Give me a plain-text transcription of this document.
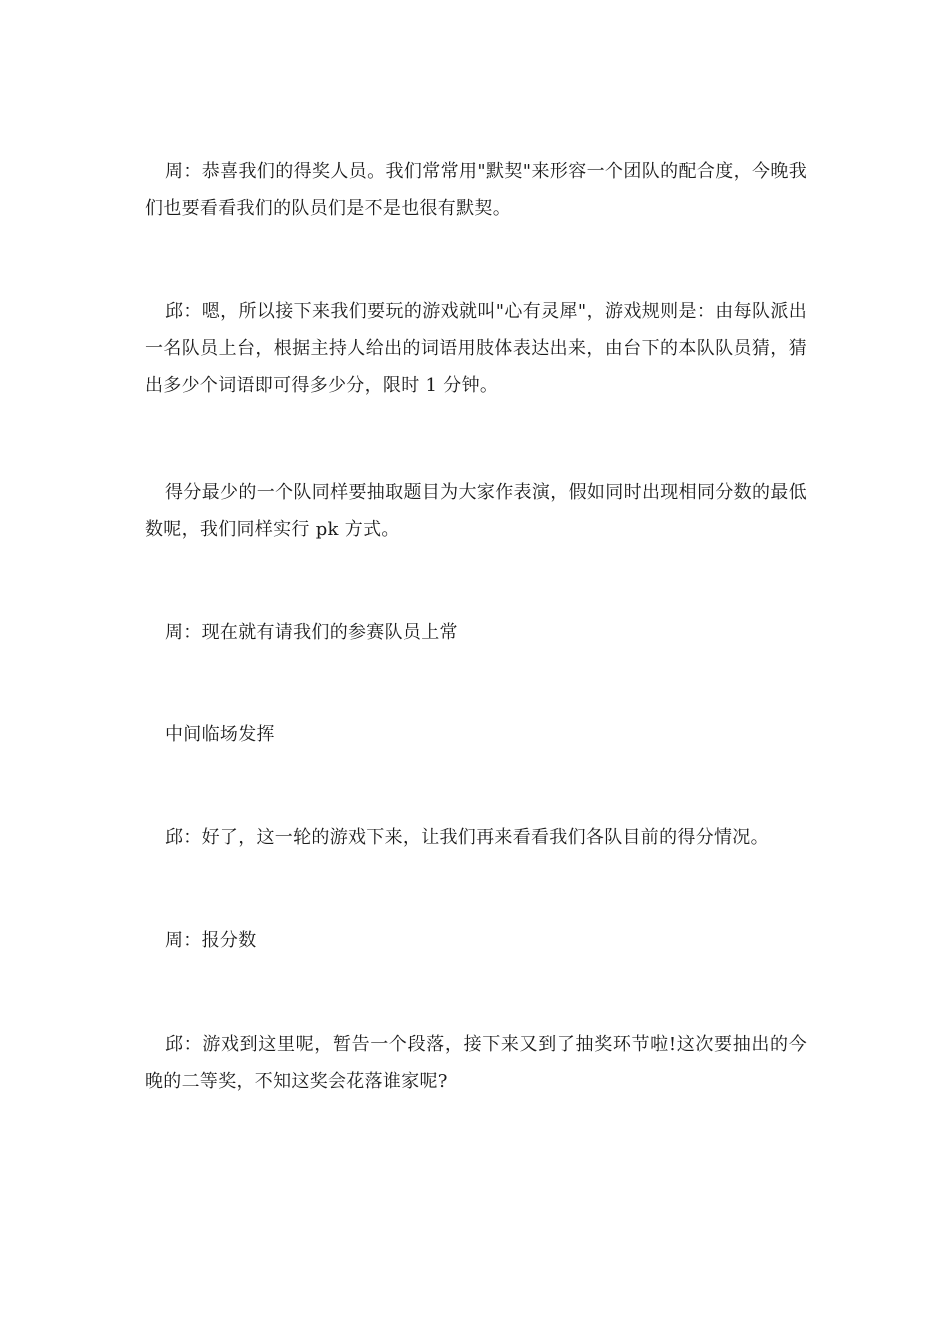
周：恭喜我们的得奖人员。我们常常用"默契"来形容一个团队的配合度，今晚我们也要看看我们的队员们是不是也很有默契。

邱：嗯，所以接下来我们要玩的游戏就叫"心有灵犀"，游戏规则是：由每队派出一名队员上台，根据主持人给出的词语用肢体表达出来，由台下的本队队员猜，猜出多少个词语即可得多少分，限时 1 分钟。

得分最少的一个队同样要抽取题目为大家作表演，假如同时出现相同分数的最低数呢，我们同样实行 pk 方式。

周：现在就有请我们的参赛队员上常

中间临场发挥

邱：好了，这一轮的游戏下来，让我们再来看看我们各队目前的得分情况。

周：报分数

邱：游戏到这里呢，暂告一个段落，接下来又到了抽奖环节啦!这次要抽出的今晚的二等奖，不知这奖会花落谁家呢?
